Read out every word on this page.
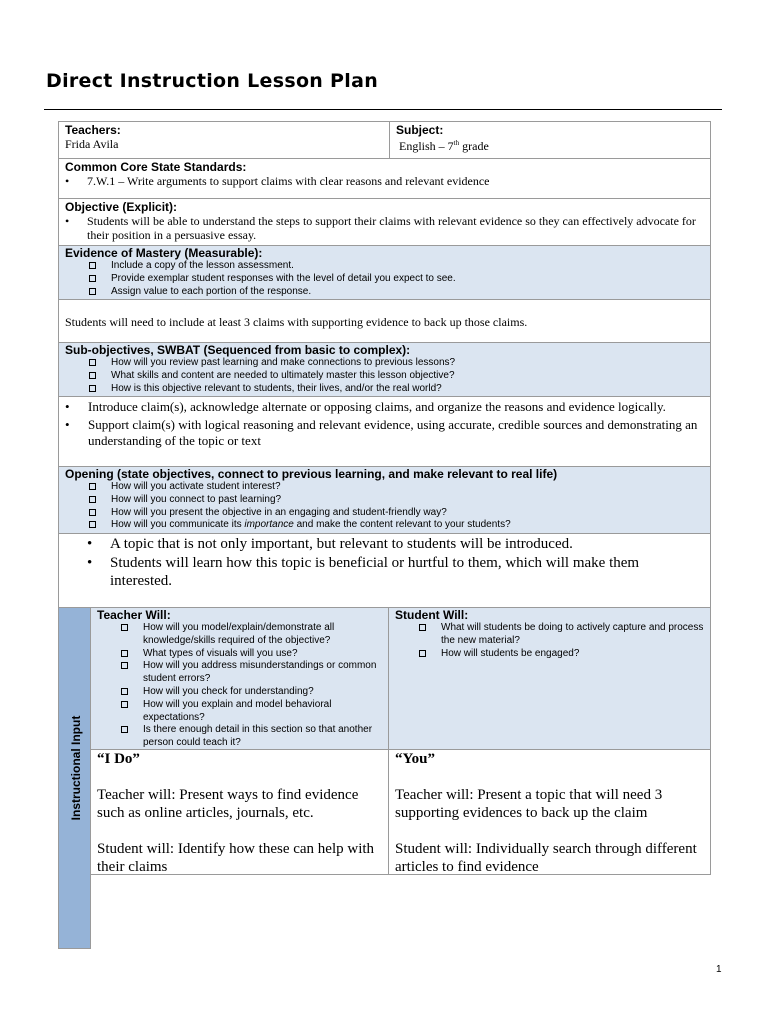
Direct Instruction Lesson Plan
Teachers:
Frida Avila
Subject:
English – 7th grade
Common Core State Standards:
• 7.W.1 – Write arguments to support claims with clear reasons and relevant evidence
Objective (Explicit):
• Students will be able to understand the steps to support their claims with relevant evidence so they can effectively advocate for their position in a persuasive essay.
Evidence of Mastery (Measurable):
Include a copy of the lesson assessment.
Provide exemplar student responses with the level of detail you expect to see.
Assign value to each portion of the response.
Students will need to include at least 3 claims with supporting evidence to back up those claims.
Sub-objectives, SWBAT (Sequenced from basic to complex):
How will you review past learning and make connections to previous lessons?
What skills and content are needed to ultimately master this lesson objective?
How is this objective relevant to students, their lives, and/or the real world?
• Introduce claim(s), acknowledge alternate or opposing claims, and organize the reasons and evidence logically.
• Support claim(s) with logical reasoning and relevant evidence, using accurate, credible sources and demonstrating an understanding of the topic or text
Opening (state objectives, connect to previous learning, and make relevant to real life)
How will you activate student interest?
How will you connect to past learning?
How will you present the objective in an engaging and student-friendly way?
How will you communicate its importance and make the content relevant to your students?
• A topic that is not only important, but relevant to students will be introduced.
• Students will learn how this topic is beneficial or hurtful to them, which will make them interested.
Instructional Input
Teacher Will:
How will you model/explain/demonstrate all knowledge/skills required of the objective?
What types of visuals will you use?
How will you address misunderstandings or common student errors?
How will you check for understanding?
How will you explain and model behavioral expectations?
Is there enough detail in this section so that another person could teach it?
Student Will:
What will students be doing to actively capture and process the new material?
How will students be engaged?
“I Do”
Teacher will: Present ways to find evidence such as online articles, journals, etc.
Student will: Identify how these can help with their claims
“You”
Teacher will: Present a topic that will need 3 supporting evidences to back up the claim
Student will: Individually search through different articles to find evidence
1
